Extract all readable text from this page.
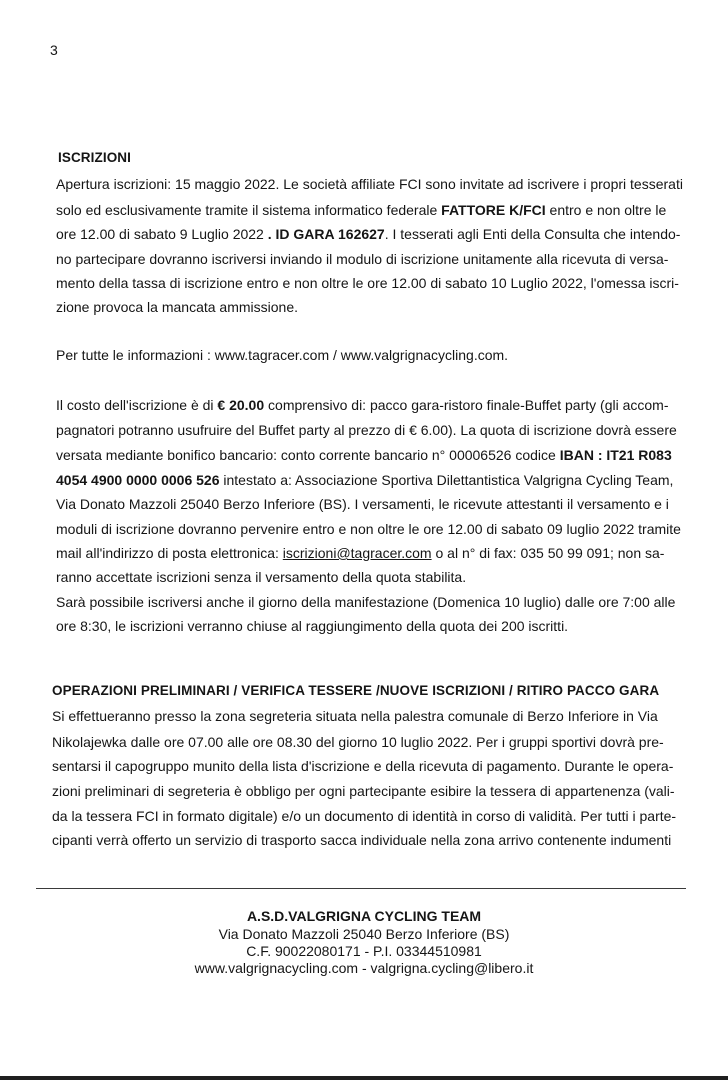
3
ISCRIZIONI
Apertura iscrizioni: 15 maggio 2022. Le società affiliate FCI sono invitate ad iscrivere i propri tesserati
solo ed esclusivamente tramite il sistema informatico federale FATTORE K/FCI entro e non oltre le
ore 12.00 di sabato 9 Luglio 2022 . ID GARA 162627. I tesserati agli Enti della Consulta che intendo-
no partecipare dovranno iscriversi inviando il modulo di iscrizione unitamente alla ricevuta di versa-
mento della tassa di iscrizione entro e non oltre le ore 12.00 di sabato 10 Luglio 2022, l'omessa iscri-
zione provoca la mancata ammissione.
Per tutte le informazioni : www.tagracer.com / www.valgrignacycling.com.
Il costo dell'iscrizione è di € 20.00 comprensivo di: pacco gara-ristoro finale-Buffet party (gli accom-
pagnatori potranno usufruire del Buffet party al prezzo di € 6.00). La quota di iscrizione dovrà essere
versata mediante bonifico bancario: conto corrente bancario n° 00006526 codice IBAN : IT21 R083
4054 4900 0000 0006 526 intestato a: Associazione Sportiva Dilettantistica Valgrigna Cycling Team,
Via Donato Mazzoli 25040 Berzo Inferiore (BS). I versamenti, le ricevute attestanti il versamento e i
moduli di iscrizione dovranno pervenire entro e non oltre le ore 12.00 di sabato 09 luglio 2022 tramite
mail all'indirizzo di posta elettronica: iscrizioni@tagracer.com o al n° di fax: 035 50 99 091; non sa-
ranno accettate iscrizioni senza il versamento della quota stabilita.
Sarà possibile iscriversi anche il giorno della manifestazione (Domenica 10 luglio) dalle ore 7:00 alle
ore 8:30, le iscrizioni verranno chiuse al raggiungimento della quota dei 200 iscritti.
OPERAZIONI PRELIMINARI / VERIFICA TESSERE /NUOVE ISCRIZIONI / RITIRO PACCO GARA
Si effettueranno presso la zona segreteria situata nella palestra comunale di Berzo Inferiore in Via
Nikolajewka dalle ore 07.00 alle ore 08.30 del giorno 10 luglio 2022. Per i gruppi sportivi dovrà pre-
sentarsi il capogruppo munito della lista d'iscrizione e della ricevuta di pagamento. Durante le opera-
zioni preliminari di segreteria è obbligo per ogni partecipante esibire la tessera di appartenenza (vali-
da la tessera FCI in formato digitale) e/o un documento di identità in corso di validità. Per tutti i parte-
cipanti verrà offerto un servizio di trasporto sacca individuale nella zona arrivo contenente indumenti
A.S.D.VALGRIGNA CYCLING TEAM
Via Donato Mazzoli 25040 Berzo Inferiore (BS)
C.F. 90022080171 - P.I. 03344510981
www.valgrignacycling.com - valgrigna.cycling@libero.it
